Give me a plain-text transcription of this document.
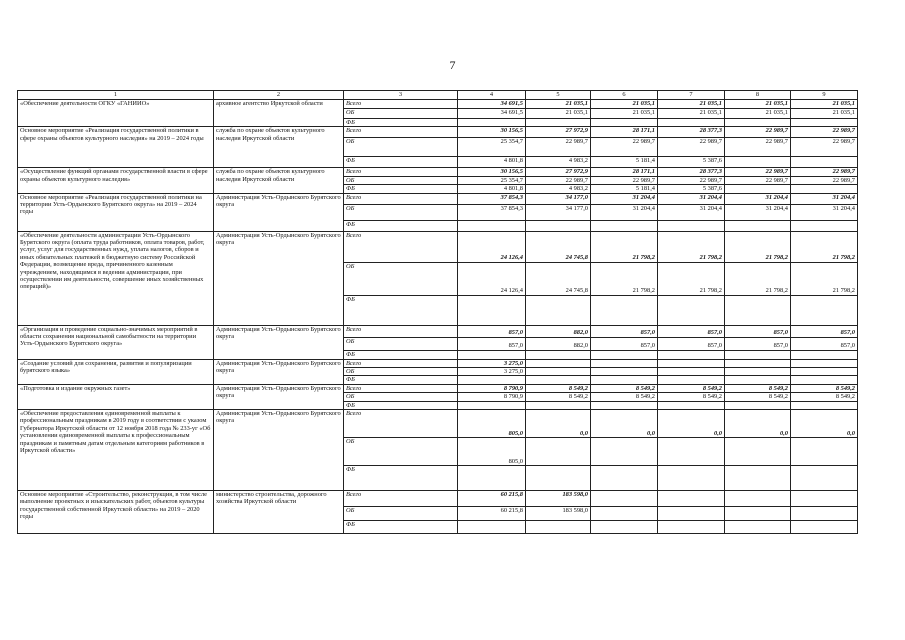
7
1	2	3	4	5	6	7	8	9
«Обеспечение деятельности ОГКУ «ГАНИИО»	архивное агентство Иркутской области	Всего	34 691,5	21 035,1	21 035,1	21 035,1	21 035,1	21 035,1
		ОБ	34 691,5	21 035,1	21 035,1	21 035,1	21 035,1	21 035,1
		ФБ						
Основное мероприятие «Реализация государственной политики в сфере охраны объектов культурного наследия» на 2019 – 2024 годы	служба по охране объектов культурного наследия Иркутской области	Всего	30 156,5	27 972,9	28 171,1	28 377,3	22 989,7	22 989,7
		ОБ	25 354,7	22 989,7	22 989,7	22 989,7	22 989,7	22 989,7
		ФБ	4 801,8	4 983,2	5 181,4	5 387,6		
«Осуществление функций органами государственной власти в сфере охраны объектов культурного наследия»	служба по охране объектов культурного наследия Иркутской области	Всего	30 156,5	27 972,9	28 171,1	28 377,3	22 989,7	22 989,7
		ОБ	25 354,7	22 989,7	22 989,7	22 989,7	22 989,7	22 989,7
		ФБ	4 801,8	4 983,2	5 181,4	5 387,6		
Основное мероприятие «Реализация государственной политики на территории Усть-Ордынского Бурятского округа» на 2019 – 2024 годы	Администрация Усть-Ордынского Бурятского округа	Всего	37 854,3	34 177,0	31 204,4	31 204,4	31 204,4	31 204,4
		ОБ	37 854,3	34 177,0	31 204,4	31 204,4	31 204,4	31 204,4
		ФБ						
«Обеспечение деятельности администрации Усть-Ордынского Бурятского округа (оплата труда работников, оплата товаров, работ, услуг, услуг для государственных нужд, уплата налогов, сборов и иных обязательных платежей в бюджетную систему Российской Федерации, возмещение вреда, причиненного казенным учреждением, находящимся в ведении администрации, при осуществлении им деятельности, совершение иных хозяйственных операций)»	Администрация Усть-Ордынского Бурятского округа	Всего	24 126,4	24 745,8	21 798,2	21 798,2	21 798,2	21 798,2
		ОБ	24 126,4	24 745,8	21 798,2	21 798,2	21 798,2	21 798,2
		ФБ						
«Организация и проведение социально-значимых мероприятий в области сохранения национальной самобытности на территории Усть-Ордынского Бурятского округа»	Администрация Усть-Ордынского Бурятского округа	Всего	857,0	882,0	857,0	857,0	857,0	857,0
		ОБ	857,0	882,0	857,0	857,0	857,0	857,0
		ФБ						
«Создание условий для сохранения, развития и популяризации бурятского языка»	Администрация Усть-Ордынского Бурятского округа	Всего	3 275,0					
		ОБ	3 275,0					
		ФБ						
«Подготовка и издание окружных газет»	Администрация Усть-Ордынского Бурятского округа	Всего	8 790,9	8 549,2	8 549,2	8 549,2	8 549,2	8 549,2
		ОБ	8 790,9	8 549,2	8 549,2	8 549,2	8 549,2	8 549,2
		ФБ						
«Обеспечение предоставления единовременной выплаты к профессиональным праздникам в 2019 году в соответствии с указом Губернатора Иркутской области от 12 ноября 2018 года № 233-уг «Об установлении единовременной выплаты к профессиональным праздникам и памятным датам отдельным категориям работников в Иркутской области»	Администрация Усть-Ордынского Бурятского округа	Всего	805,0	0,0	0,0	0,0	0,0	0,0
		ОБ	805,0					
		ФБ						
Основное мероприятие «Строительство, реконструкция, в том числе выполнение проектных и изыскательских работ, объектов культуры государственной собственной Иркутской области» на 2019 – 2020 годы	министерство строительства, дорожного хозяйства Иркутской области	Всего	60 215,8	183 598,0				
		ОБ	60 215,8	183 598,0				
		ФБ						
